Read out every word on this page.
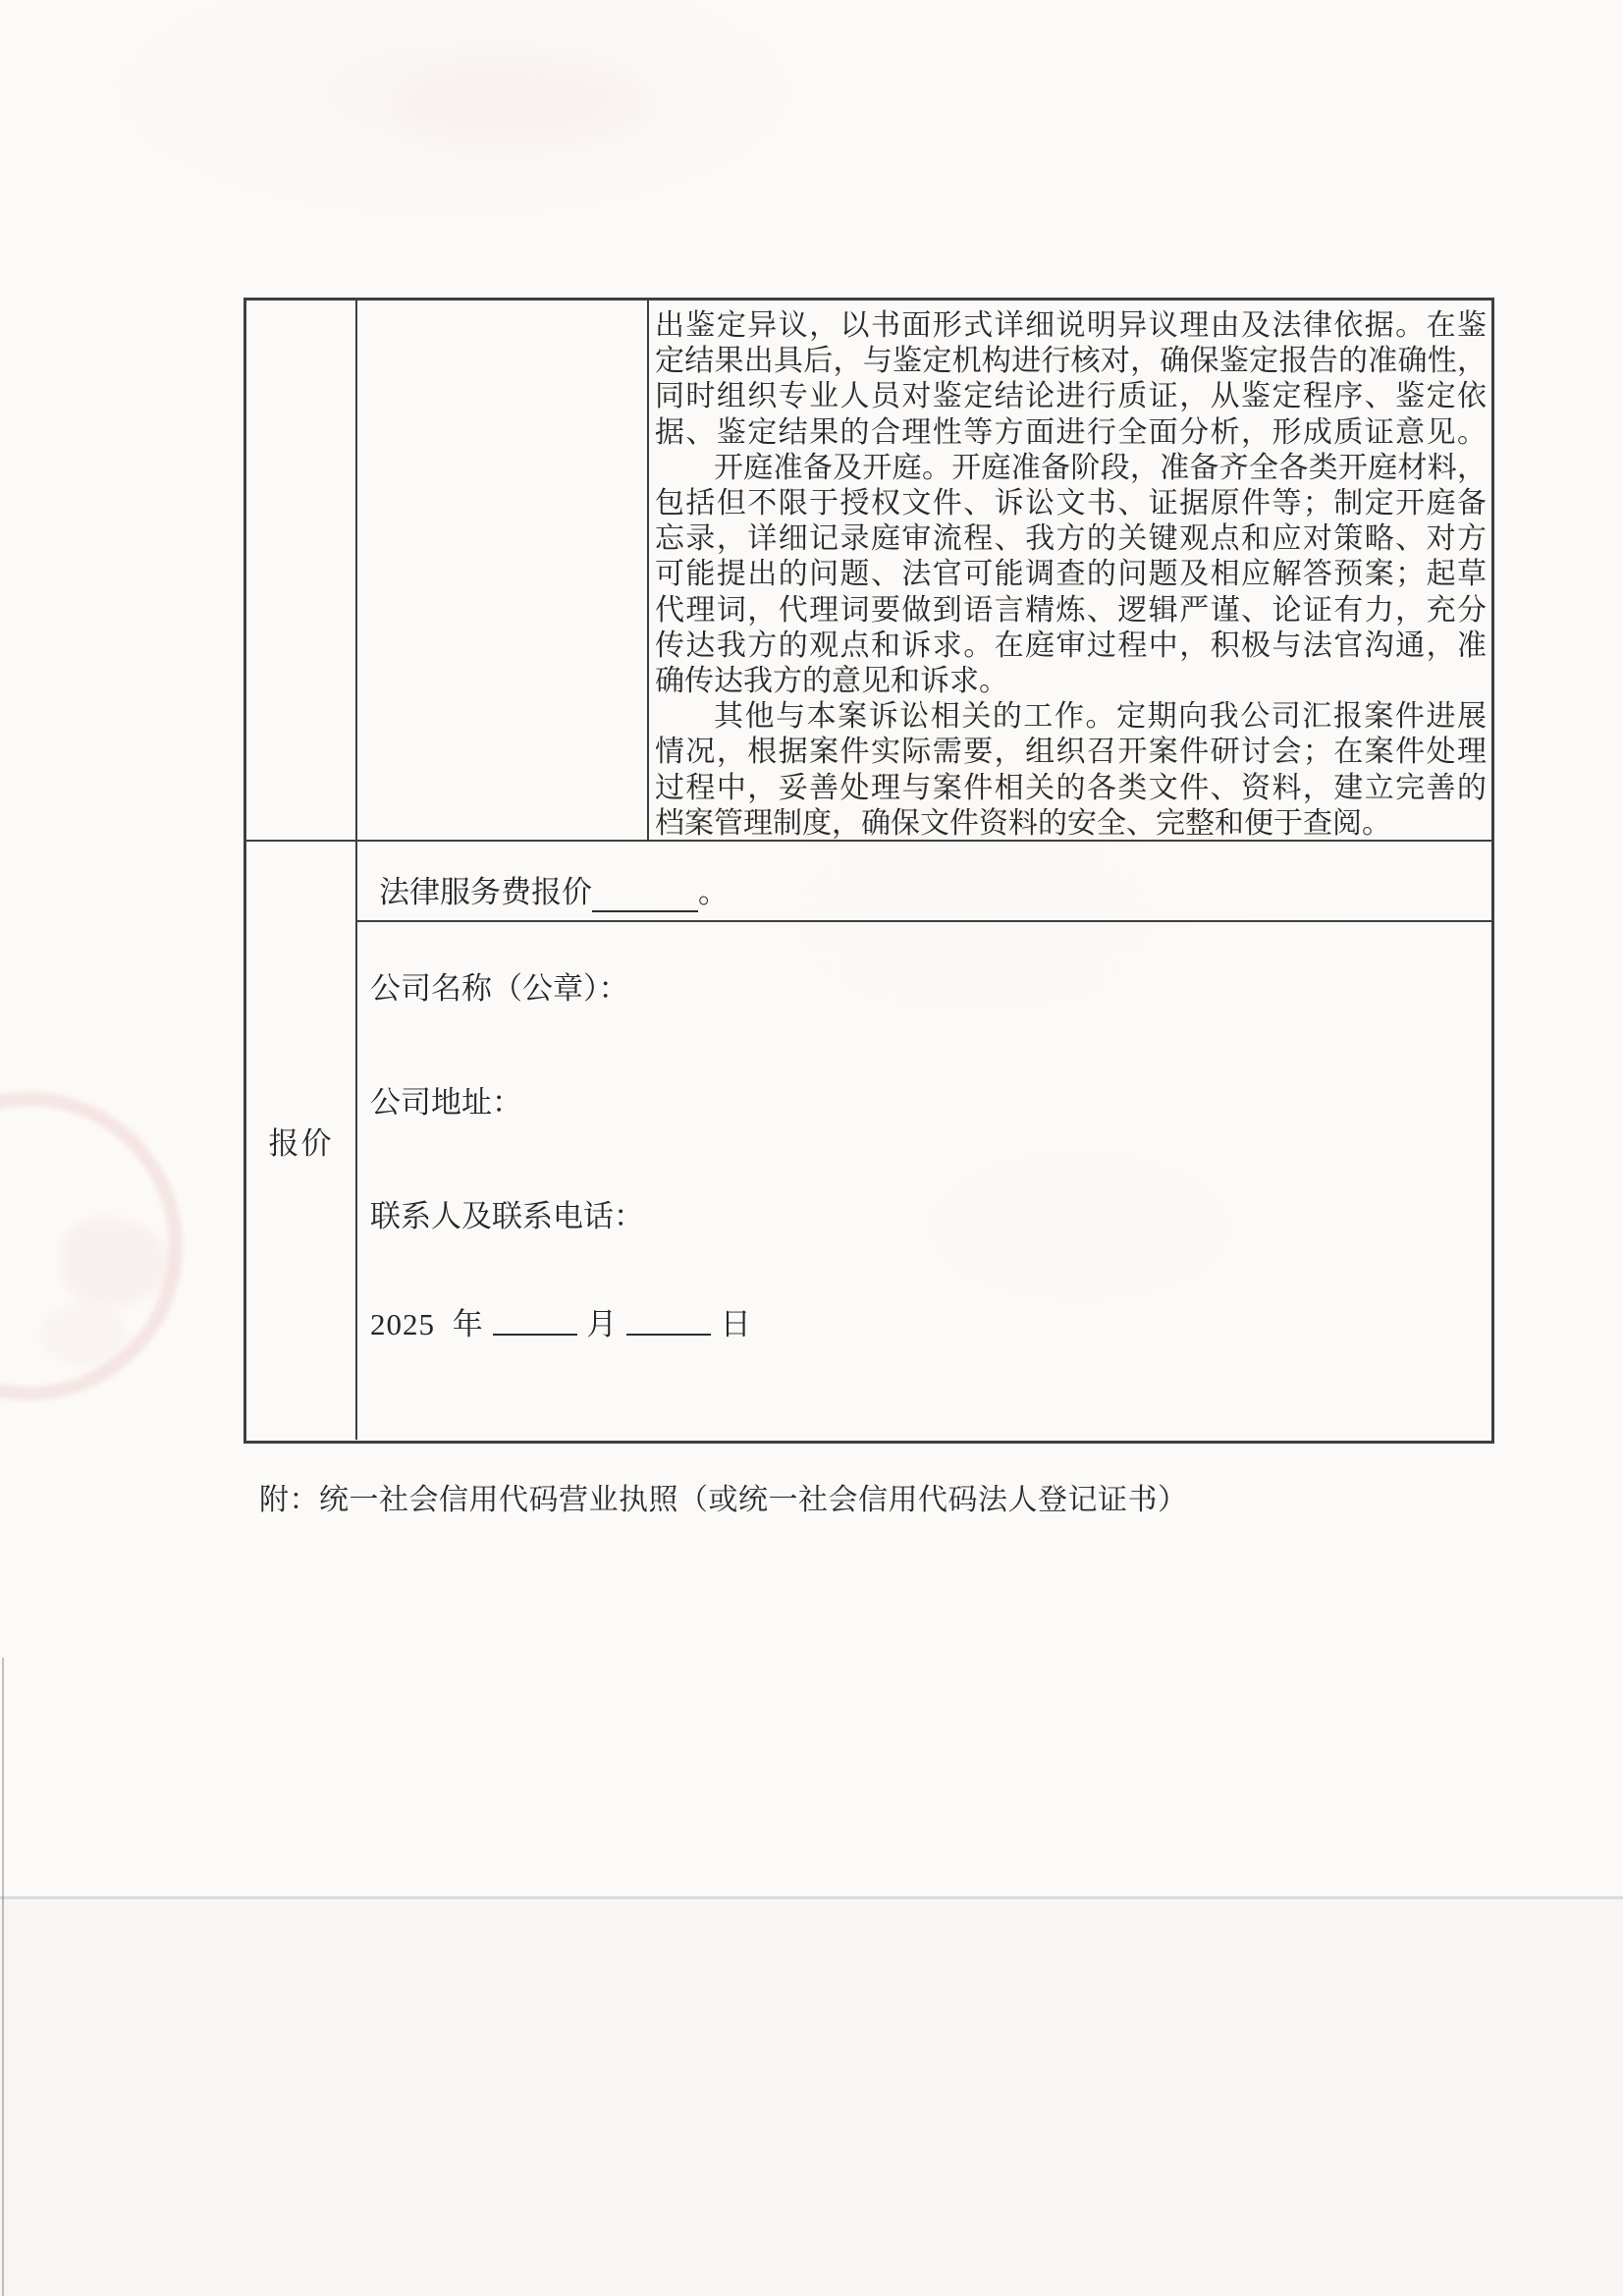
出鉴定异议，以书面形式详细说明异议理由及法律依据。在鉴
定结果出具后，与鉴定机构进行核对，确保鉴定报告的准确性，
同时组织专业人员对鉴定结论进行质证，从鉴定程序、鉴定依
据、鉴定结果的合理性等方面进行全面分析，形成质证意见。
开庭准备及开庭。开庭准备阶段，准备齐全各类开庭材料，
包括但不限于授权文件、诉讼文书、证据原件等；制定开庭备
忘录，详细记录庭审流程、我方的关键观点和应对策略、对方
可能提出的问题、法官可能调查的问题及相应解答预案；起草
代理词，代理词要做到语言精炼、逻辑严谨、论证有力，充分
传达我方的观点和诉求。在庭审过程中，积极与法官沟通，准
确传达我方的意见和诉求。
其他与本案诉讼相关的工作。定期向我公司汇报案件进展
情况，根据案件实际需要，组织召开案件研讨会；在案件处理
过程中，妥善处理与案件相关的各类文件、资料，建立完善的
档案管理制度，确保文件资料的安全、完整和便于查阅。
报价
法律服务费报价	。
公司名称（公章）：
公司地址：
联系人及联系电话：
2025 年	月	日
附：统一社会信用代码营业执照（或统一社会信用代码法人登记证书）
